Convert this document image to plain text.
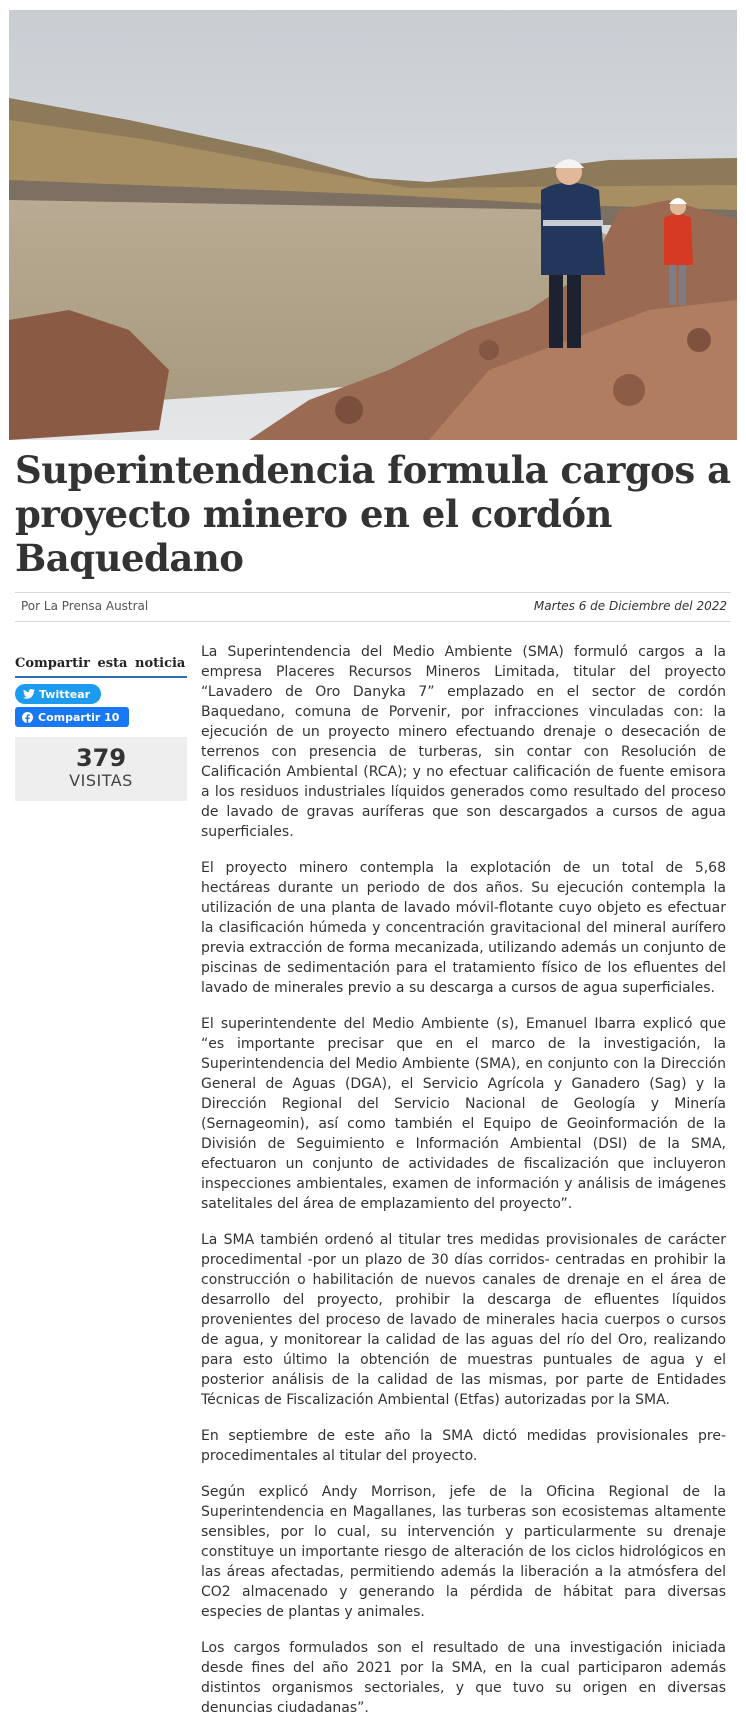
Superintendencia formula cargos a proyecto minero en el cordón Baquedano
Por La Prensa Austral	Martes 6 de Diciembre del 2022
Compartir esta noticia
Twittear
Compartir 10
379
VISITAS

La Superintendencia del Medio Ambiente (SMA) formuló cargos a la empresa Placeres Recursos Mineros Limitada, titular del proyecto “Lavadero de Oro Danyka 7” emplazado en el sector de cordón Baquedano, comuna de Porvenir, por infracciones vinculadas con: la ejecución de un proyecto minero efectuando drenaje o desecación de terrenos con presencia de turberas, sin contar con Resolución de Calificación Ambiental (RCA); y no efectuar calificación de fuente emisora a los residuos industriales líquidos generados como resultado del proceso de lavado de gravas auríferas que son descargados a cursos de agua superficiales.

El proyecto minero contempla la explotación de un total de 5,68 hectáreas durante un periodo de dos años. Su ejecución contempla la utilización de una planta de lavado móvil-flotante cuyo objeto es efectuar la clasificación húmeda y concentración gravitacional del mineral aurífero previa extracción de forma mecanizada, utilizando además un conjunto de piscinas de sedimentación para el tratamiento físico de los efluentes del lavado de minerales previo a su descarga a cursos de agua superficiales.

El superintendente del Medio Ambiente (s), Emanuel Ibarra explicó que “es importante precisar que en el marco de la investigación, la Superintendencia del Medio Ambiente (SMA), en conjunto con la Dirección General de Aguas (DGA), el Servicio Agrícola y Ganadero (Sag) y la Dirección Regional del Servicio Nacional de Geología y Minería (Sernageomin), así como también el Equipo de Geoinformación de la División de Seguimiento e Información Ambiental (DSI) de la SMA, efectuaron un conjunto de actividades de fiscalización que incluyeron inspecciones ambientales, examen de información y análisis de imágenes satelitales del área de emplazamiento del proyecto”.

La SMA también ordenó al titular tres medidas provisionales de carácter procedimental -por un plazo de 30 días corridos- centradas en prohibir la construcción o habilitación de nuevos canales de drenaje en el área de desarrollo del proyecto, prohibir la descarga de efluentes líquidos provenientes del proceso de lavado de minerales hacia cuerpos o cursos de agua, y monitorear la calidad de las aguas del río del Oro, realizando para esto último la obtención de muestras puntuales de agua y el posterior análisis de la calidad de las mismas, por parte de Entidades Técnicas de Fiscalización Ambiental (Etfas) autorizadas por la SMA.

En septiembre de este año la SMA dictó medidas provisionales pre-procedimentales al titular del proyecto.

Según explicó Andy Morrison, jefe de la Oficina Regional de la Superintendencia en Magallanes, las turberas son ecosistemas altamente sensibles, por lo cual, su intervención y particularmente su drenaje constituye un importante riesgo de alteración de los ciclos hidrológicos en las áreas afectadas, permitiendo además la liberación a la atmósfera del CO2 almacenado y generando la pérdida de hábitat para diversas especies de plantas y animales.

Los cargos formulados son el resultado de una investigación iniciada desde fines del año 2021 por la SMA, en la cual participaron además distintos organismos sectoriales, y que tuvo su origen en diversas denuncias ciudadanas”.
